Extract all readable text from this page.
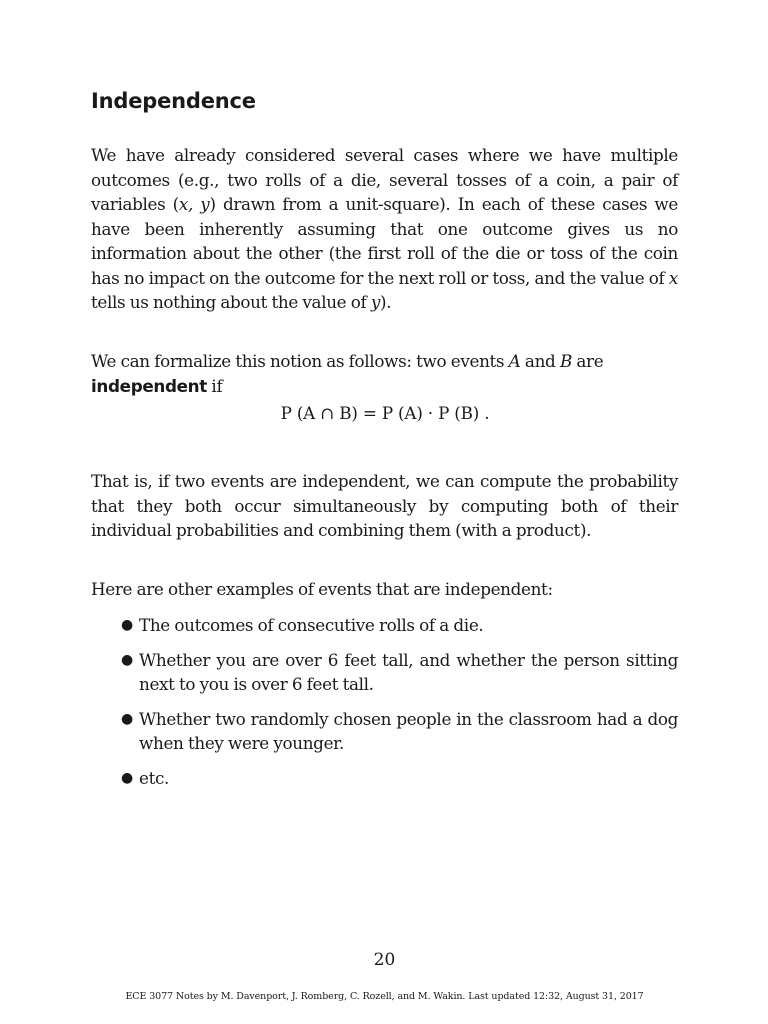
Independence

We have already considered several cases where we have multiple outcomes (e.g., two rolls of a die, several tosses of a coin, a pair of variables (x, y) drawn from a unit-square). In each of these cases we have been inherently assuming that one outcome gives us no information about the other (the first roll of the die or toss of the coin has no impact on the outcome for the next roll or toss, and the value of x tells us nothing about the value of y).

We can formalize this notion as follows: two events A and B are
independent if

P (A ∩ B) = P (A) · P (B) .

That is, if two events are independent, we can compute the probability that they both occur simultaneously by computing both of their individual probabilities and combining them (with a product).

Here are other examples of events that are independent:

● The outcomes of consecutive rolls of a die.
● Whether you are over 6 feet tall, and whether the person sitting next to you is over 6 feet tall.
● Whether two randomly chosen people in the classroom had a dog when they were younger.
● etc.
20
ECE 3077 Notes by M. Davenport, J. Romberg, C. Rozell, and M. Wakin. Last updated 12:32, August 31, 2017
